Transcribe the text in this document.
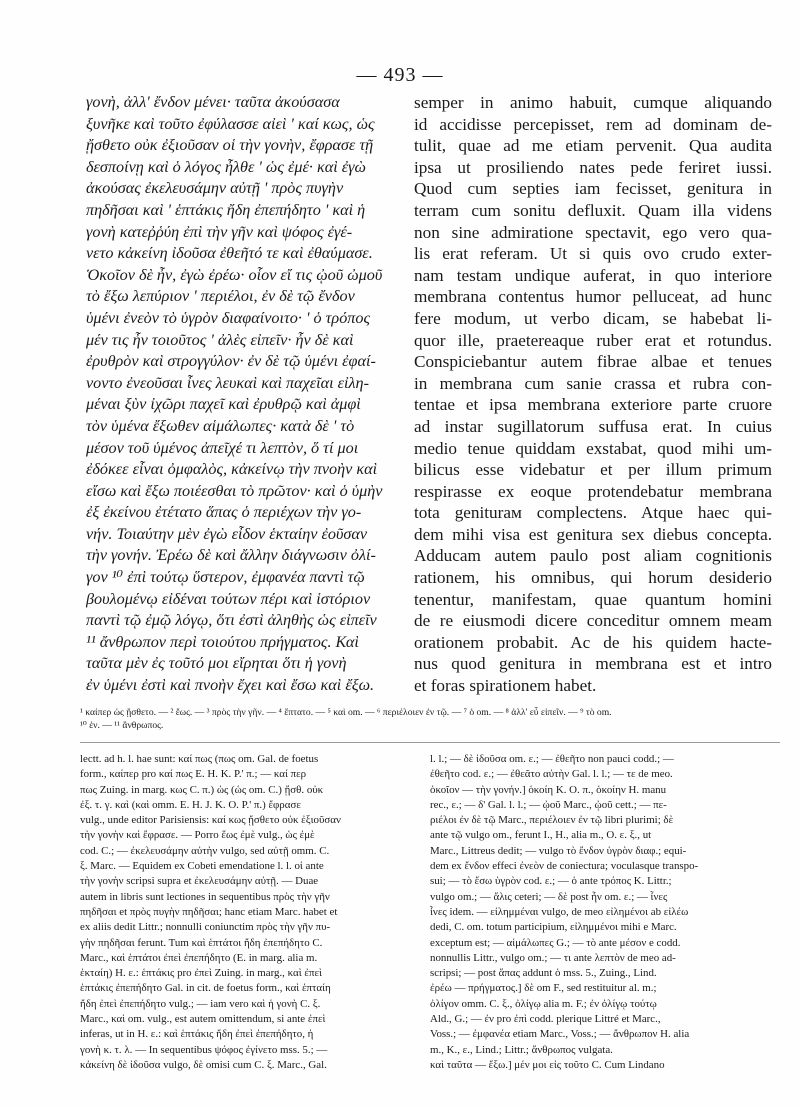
— 493 —
γονὴ, ἀλλ' ἔνδον μένει· ταῦτα ἀκούσασα
ξυνῆκε καὶ τοῦτο ἐφύλασσε αἰεὶ ' καί κως, ὡς
ᾔσθετο οὐκ ἐξιοῦσαν οἱ τὴν γονὴν, ἔφρασε τῇ
δεσποίνῃ καὶ ὁ λόγος ἦλθε ' ὡς ἐμέ· καὶ ἐγὼ
ἀκούσας ἐκελευσάμην αὐτῇ ' πρὸς πυγὴν
πηδῆσαι καὶ ' ἑπτάκις ἤδη ἐπεπήδητο ' καὶ ἡ
γονὴ κατεῤῥύη ἐπὶ τὴν γῆν καὶ ψόφος ἐγέ-
νετο κἀκείνη ἰδοῦσα ἐθεῆτό τε καὶ ἐθαύμασε.
Ὁκοῖον δὲ ἦν, ἐγὼ ἐρέω· οἷον εἴ τις ᾠοῦ ὠμοῦ
τὸ ἔξω λεπύριον ' περιέλοι, ἐν δὲ τῷ ἔνδον
ὑμένι ἐνεὸν τὸ ὑγρὸν διαφαίνοιτο· ' ὁ τρόπος
μέν τις ἦν τοιοῦτος ' ἀλὲς εἰπεῖν· ἦν δὲ καὶ
ἐρυθρὸν καὶ στρογγύλον· ἐν δὲ τῷ ὑμένι ἐφαί-
νοντο ἐνεοῦσαι ἶνες λευκαὶ καὶ παχεῖαι εἰλη-
μέναι ξὺν ἰχῶρι παχεῖ καὶ ἐρυθρῷ καὶ ἀμφὶ
τὸν ὑμένα ἔξωθεν αἱμάλωπες· κατὰ δὲ ' τὸ
μέσον τοῦ ὑμένος ἀπεῖχέ τι λεπτὸν, ὅ τί μοι
ἐδόκεε εἶναι ὀμφαλὸς, κἀκείνῳ τὴν πνοὴν καὶ
εἴσω καὶ ἔξω ποιέεσθαι τὸ πρῶτον· καὶ ὁ ὑμὴν
ἐξ ἐκείνου ἐτέτατο ἅπας ὁ περιέχων τὴν γο-
νήν. Τοιαύτην μὲν ἐγὼ εἶδον ἑκταίην ἐοῦσαν
τὴν γονήν. Ἐρέω δὲ καὶ ἄλλην διάγνωσιν ὀλί-
γον ¹⁰ ἐπὶ τούτῳ ὕστερον, ἐμφανέα παντὶ τῷ
βουλομένῳ εἰδέναι τούτων πέρι καὶ ἱστόριον
παντὶ τῷ ἐμῷ λόγῳ, ὅτι ἐστὶ ἀληθὴς ὡς εἰπεῖν
¹¹ ἄνθρωπον περὶ τοιούτου πρήγματος. Καὶ
ταῦτα μὲν ἐς τοῦτό μοι εἴρηται ὅτι ἡ γονὴ
ἐν ὑμένι ἐστὶ καὶ πνοὴν ἔχει καὶ ἔσω καὶ ἔξω.
semper in animo habuit, cumque aliquando
id accidisse percepisset, rem ad dominam de-
tulit, quae ad me etiam pervenit. Qua audita
ipsa ut prosiliendo nates pede feriret iussi.
Quod cum septies iam fecisset, genitura in
terram cum sonitu defluxit. Quam illa videns
non sine admiratione spectavit, ego vero qua-
lis erat referam. Ut si quis ovo crudo exter-
nam testam undique auferat, in quo interiore
membrana contentus humor pelluceat, ad hunc
fere modum, ut verbo dicam, se habebat li-
quor ille, praetereaque ruber erat et rotundus.
Conspiciebantur autem fibrae albae et tenues
in membrana cum sanie crassa et rubra con-
tentae et ipsa membrana exteriore parte cruore
ad instar sugillatorum suffusa erat. In cuius
medio tenue quiddam exstabat, quod mihi um-
bilicus esse videbatur et per illum primum
respirasse ex eoque protendebatur membrana
tota geniturам complectens. Atque haec qui-
dem mihi visa est genitura sex diebus concepta.
Adducam autem paulo post aliam cognitionis
rationem, his omnibus, qui horum desiderio
tenentur, manifestam, quae quantum homini
de re eiusmodi dicere conceditur omnem meam
orationem probabit. Ac de his quidem hacte-
nus quod genitura in membrana est et intro
et foras spirationem habet.
¹ καίπερ ὡς ᾔσθετο. — ² ἕως. — ³ πρὸς τὴν γῆν. — ⁴ ἔπτατο. — ⁵ καὶ om. — ⁶ περιέλοιεν ἐν τῷ. — ⁷ ὁ om. — ⁸ ἀλλ' εὖ εἰπεῖν. — ⁹ τὸ om.
¹⁰ ἐν. — ¹¹ ἄνθρωπος.
lectt. ad h. l. hae sunt: καί πως (πως om. Gal. de foetus
form., καίπερ pro καί πως E. H. K. P.' π.; — καί περ
πως Zuing. in marg. κως C. π.) ὡς (ὡς om. C.) ᾔσθ. οὐκ
ἐξ. τ. γ. καὶ (καὶ omm. E. H. J. K. O. P.' π.) ἔφρασε
vulg., unde editor Parisiensis: καί κως ᾔσθετο οὐκ ἐξιοῦσαν
τὴν γονὴν καὶ ἔφρασε. — Porro ἕως ἐμὲ vulg., ὡς ἐμὲ
cod. C.; — ἐκελευσάμην αὐτὴν vulgo, sed αὐτῇ omm. C.
ξ. Marc. — Equidem ex Cobeti emendatione l. l. οἱ ante
τὴν γονὴν scripsi supra et ἐκελευσάμην αὐτῇ. — Duae
autem in libris sunt lectiones in sequentibus πρὸς τὴν γῆν
πηδῆσαι et πρὸς πυγὴν πηδῆσαι; hanc etiam Marc. habet et
ex aliis dedit Littr.; nonnulli coniunctim πρὸς τὴν γῆν πυ-
γὴν πηδῆσαι ferunt. Tum καὶ ἑπτάτοι ἤδη ἐπεπήδητο C.
Marc., καὶ ἑπτάτοι ἐπεὶ ἐπεπήδητο (E. in marg. alia m.
ἑκταίη) H. ε.: ἑπτάκις pro ἐπεὶ Zuing. in marg., καὶ ἐπεὶ
ἑπτάκις ἐπεπήδητο Gal. in cit. de foetus form., καὶ ἑπταίη
ἤδη ἐπεὶ ἐπεπήδητο vulg.; — iam vero καὶ ἡ γονὴ C. ξ.
Marc., καὶ om. vulg., est autem omittendum, si ante ἐπεὶ
inferas, ut in H. ε.: καὶ ἑπτάκις ἤδη ἐπεὶ ἐπεπήδητο, ἡ
γονὴ κ. τ. λ. — In sequentibus ψόφος ἐγίνετο mss. 5.; —
κἀκείνη δὲ ἰδοῦσα vulgo, δὲ omisi cum C. ξ. Marc., Gal.
l. l.; — δὲ ἰδοῦσα om. ε.; — ἐθεῆτο non pauci codd.; —
ἐθεῆτο cod. ε.; — ἐθεᾶτο αὐτὴν Gal. l. l.; — τε de meo.
ὁκοῖον — τὴν γονήν.] ὁκοίη K. O. π., ὁκοίην H. manu
rec., ε.; — δ' Gal. l. l.; — ᾠοῦ Marc., ᾠοῦ cett.; — πε-
ριέλοι ἐν δὲ τῷ Marc., περιέλοιεν ἐν τῷ libri plurimi; δὲ
ante τῷ vulgo om., ferunt I., H., alia m., O. ε. ξ., ut
Marc., Littreus dedit; — vulgo τὸ ἔνδον ὑγρὸν διαφ.; equi-
dem ex ἔνδον effeci ἐνεὸν de coniectura; voculasque transpo-
sui; — τὸ ἔσω ὑγρὸν cod. ε.; — ὁ ante τρόπος K. Littr.;
vulgo om.; — ἄλις ceteri; — δὲ post ἦν om. ε.; — ἶνες
ἶνες idem. — εἰλημμέναι vulgo, de meo εἰλημένοι ab εἰλέω
dedi, C. om. totum participium, εἰλημμένοι mihi e Marc.
exceptum est; — αἱμάλωπες G.; — τὸ ante μέσον e codd.
nonnullis Littr., vulgo om.; — τι ante λεπτὸν de meo ad-
scripsi; — post ἅπας addunt ὁ mss. 5., Zuing., Lind.
ἐρέω — πρήγματος.] δὲ om F., sed restituitur al. m.;
ὀλίγον omm. C. ξ., ὀλίγῳ alia m. F.; ἐν ὀλίγῳ τούτῳ
Ald., G.; — ἐν pro ἐπὶ codd. plerique Littré et Marc.,
Voss.; — ἐμφανέα etiam Marc., Voss.; — ἄνθρωπον H. alia
m., K., ε., Lind.; Littr.; ἄνθρωπος vulgata.
καὶ ταῦτα — ἔξω.] μέν μοι εἰς τοῦτο C. Cum Lindano
